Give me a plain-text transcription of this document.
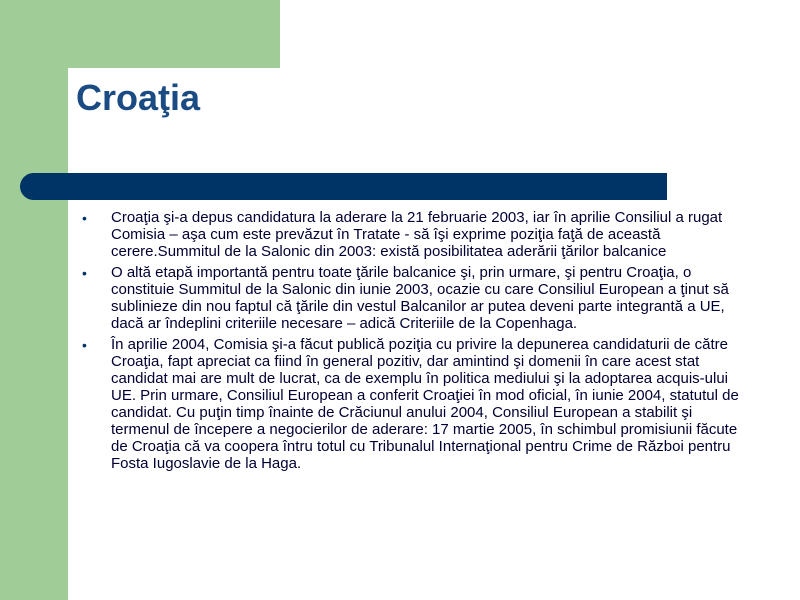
Croaţia
• Croaţia şi-a depus candidatura la aderare la 21 februarie 2003, iar în aprilie Consiliul a rugat Comisia – aşa cum este prevăzut în Tratate - să îşi exprime poziţia faţă de această cerere.Summitul de la Salonic din 2003: există posibilitatea aderării ţărilor balcanice
• O altă etapă importantă pentru toate ţările balcanice şi, prin urmare, şi pentru Croaţia, o constituie Summitul de la Salonic din iunie 2003, ocazie cu care Consiliul European a ţinut să sublinieze din nou faptul că ţările din vestul Balcanilor ar putea deveni parte integrantă a UE, dacă ar îndeplini criteriile necesare – adică Criteriile de la Copenhaga.
• În aprilie 2004, Comisia şi-a făcut publică poziţia cu privire la depunerea candidaturii de către Croaţia, fapt apreciat ca fiind în general pozitiv, dar amintind şi domenii în care acest stat candidat mai are mult de lucrat, ca de exemplu în politica mediului şi la adoptarea acquis-ului UE. Prin urmare, Consiliul European a conferit Croaţiei în mod oficial, în iunie 2004, statutul de candidat. Cu puţin timp înainte de Crăciunul anului 2004, Consiliul European a stabilit şi termenul de începere a negocierilor de aderare: 17 martie 2005, în schimbul promisiunii făcute de Croaţia că va coopera întru totul cu Tribunalul Internaţional pentru Crime de Război pentru Fosta Iugoslavie de la Haga.
